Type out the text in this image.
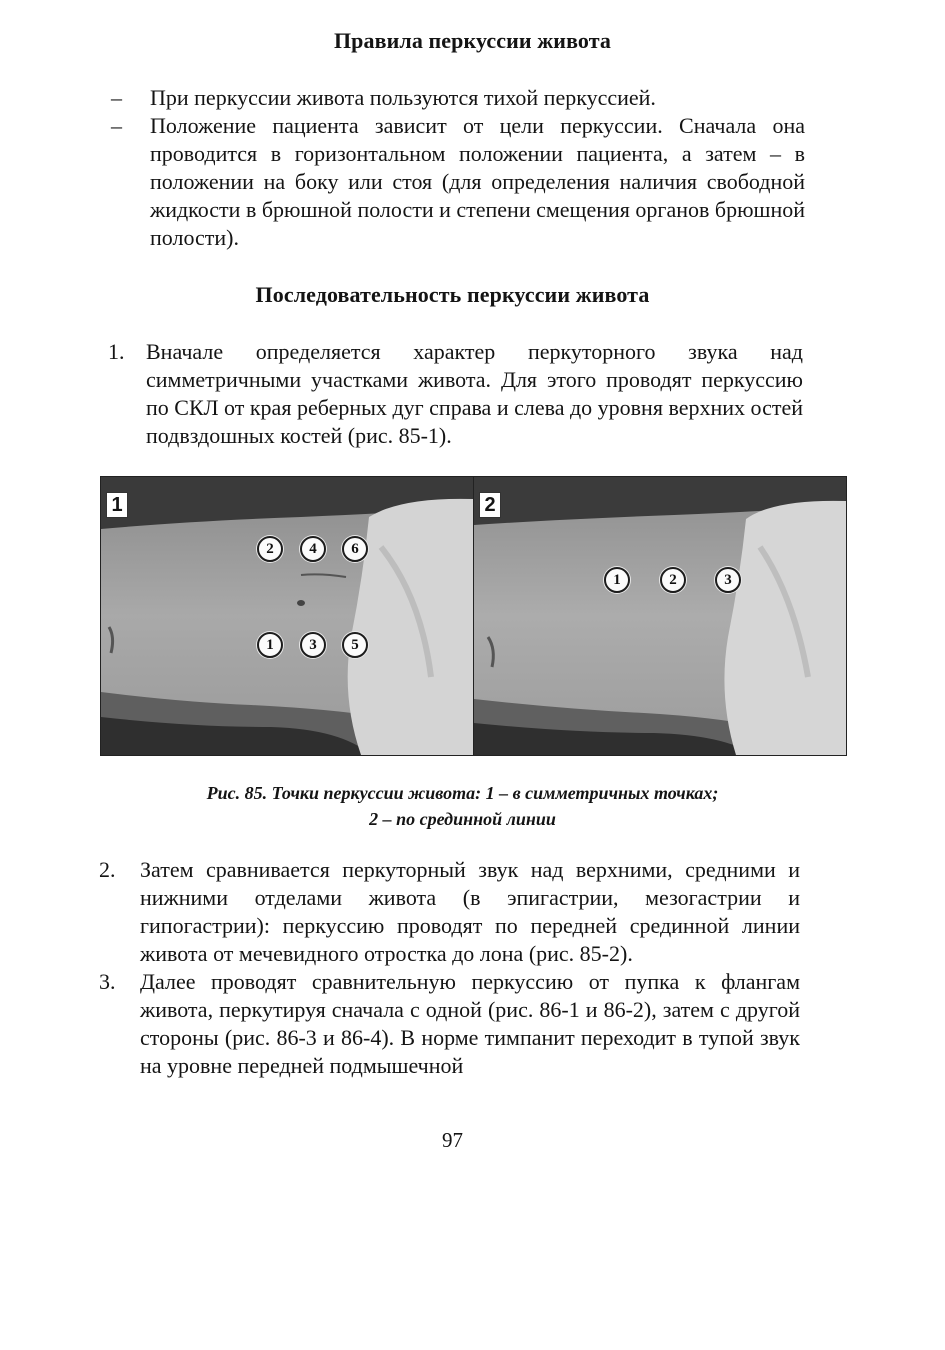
Правила перкуссии живота
– При перкуссии живота пользуются тихой перкуссией.
– Положение пациента зависит от цели перкуссии. Сначала она проводится в горизонтальном положении пациента, а затем – в положении на боку или стоя (для определения наличия свободной жидкости в брюшной полости и степени смещения органов брюшной полости).
Последовательность перкуссии живота
1. Вначале определяется характер перкуторного звука над симметричными участками живота. Для этого проводят перкуссию по СКЛ от края реберных дуг справа и слева до уровня верхних остей подвздошных костей (рис. 85-1).
1
2	4	6
1	3	5
2
1	2	3
Рис. 85. Точки перкуссии живота: 1 – в симметричных точках;
2 – по срединной линии
2. Затем сравнивается перкуторный звук над верхними, средними и нижними отделами живота (в эпигастрии, мезогастрии и гипогастрии): перкуссию проводят по передней срединной линии живота от мечевидного отростка до лона (рис. 85-2).
3. Далее проводят сравнительную перкуссию от пупка к флангам живота, перкутируя сначала с одной (рис. 86-1 и 86-2), затем с другой стороны (рис. 86-3 и 86-4). В норме тимпанит переходит в тупой звук на уровне передней подмышечной
97
